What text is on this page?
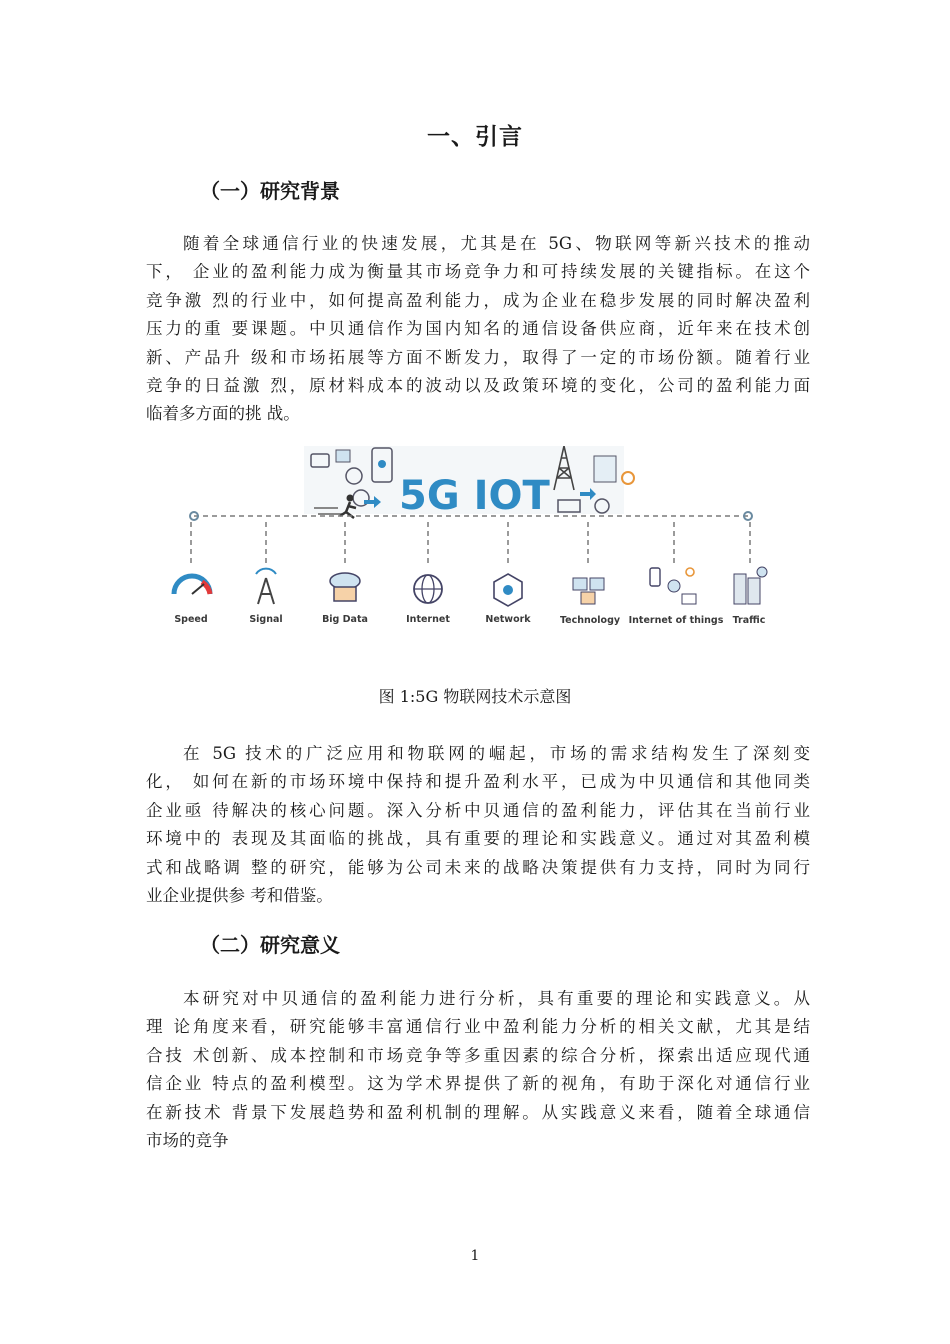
一、引言
（一）研究背景
随着全球通信行业的快速发展，尤其是在 5G、物联网等新兴技术的推动
下， 企业的盈利能力成为衡量其市场竞争力和可持续发展的关键指标。在这个
竞争激 烈的行业中，如何提高盈利能力，成为企业在稳步发展的同时解决盈利
压力的重 要课题。中贝通信作为国内知名的通信设备供应商，近年来在技术创
新、产品升 级和市场拓展等方面不断发力，取得了一定的市场份额。随着行业
竞争的日益激 烈，原材料成本的波动以及政策环境的变化，公司的盈利能力面
临着多方面的挑 战。
5G IOT
Speed	Signal	Big Data	Internet	Network	Technology Internet of things Traffic
图 1:5G 物联网技术示意图
在 5G 技术的广泛应用和物联网的崛起，市场的需求结构发生了深刻变
化， 如何在新的市场环境中保持和提升盈利水平，已成为中贝通信和其他同类
企业亟 待解决的核心问题。深入分析中贝通信的盈利能力，评估其在当前行业
环境中的 表现及其面临的挑战，具有重要的理论和实践意义。通过对其盈利模
式和战略调 整的研究，能够为公司未来的战略决策提供有力支持，同时为同行
业企业提供参 考和借鉴。
（二）研究意义
本研究对中贝通信的盈利能力进行分析，具有重要的理论和实践意义。从
理 论角度来看，研究能够丰富通信行业中盈利能力分析的相关文献，尤其是结
合技 术创新、成本控制和市场竞争等多重因素的综合分析，探索出适应现代通
信企业 特点的盈利模型。这为学术界提供了新的视角，有助于深化对通信行业
在新技术 背景下发展趋势和盈利机制的理解。从实践意义来看，随着全球通信
市场的竞争
1
